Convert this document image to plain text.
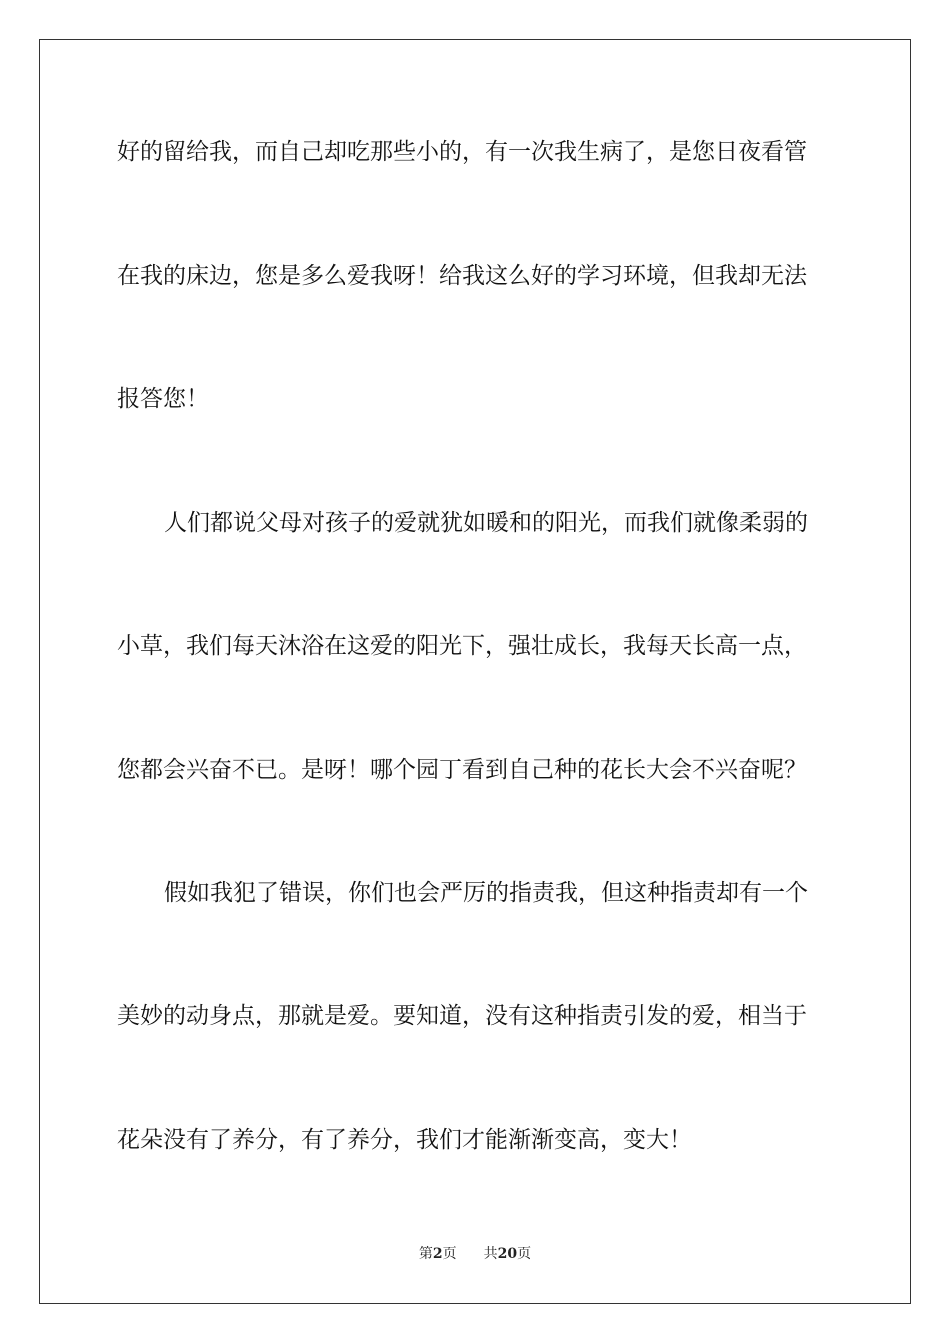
好的留给我，而自己却吃那些小的，有一次我生病了，是您日夜看管
在我的床边，您是多么爱我呀！给我这么好的学习环境，但我却无法
报答您！
人们都说父母对孩子的爱就犹如暖和的阳光，而我们就像柔弱的
小草，我们每天沐浴在这爱的阳光下，强壮成长，我每天长高一点，
您都会兴奋不已。是呀！哪个园丁看到自己种的花长大会不兴奋呢？
假如我犯了错误，你们也会严厉的指责我，但这种指责却有一个
美妙的动身点，那就是爱。要知道，没有这种指责引发的爱，相当于
花朵没有了养分，有了养分，我们才能渐渐变高，变大！
第2页 共20页
